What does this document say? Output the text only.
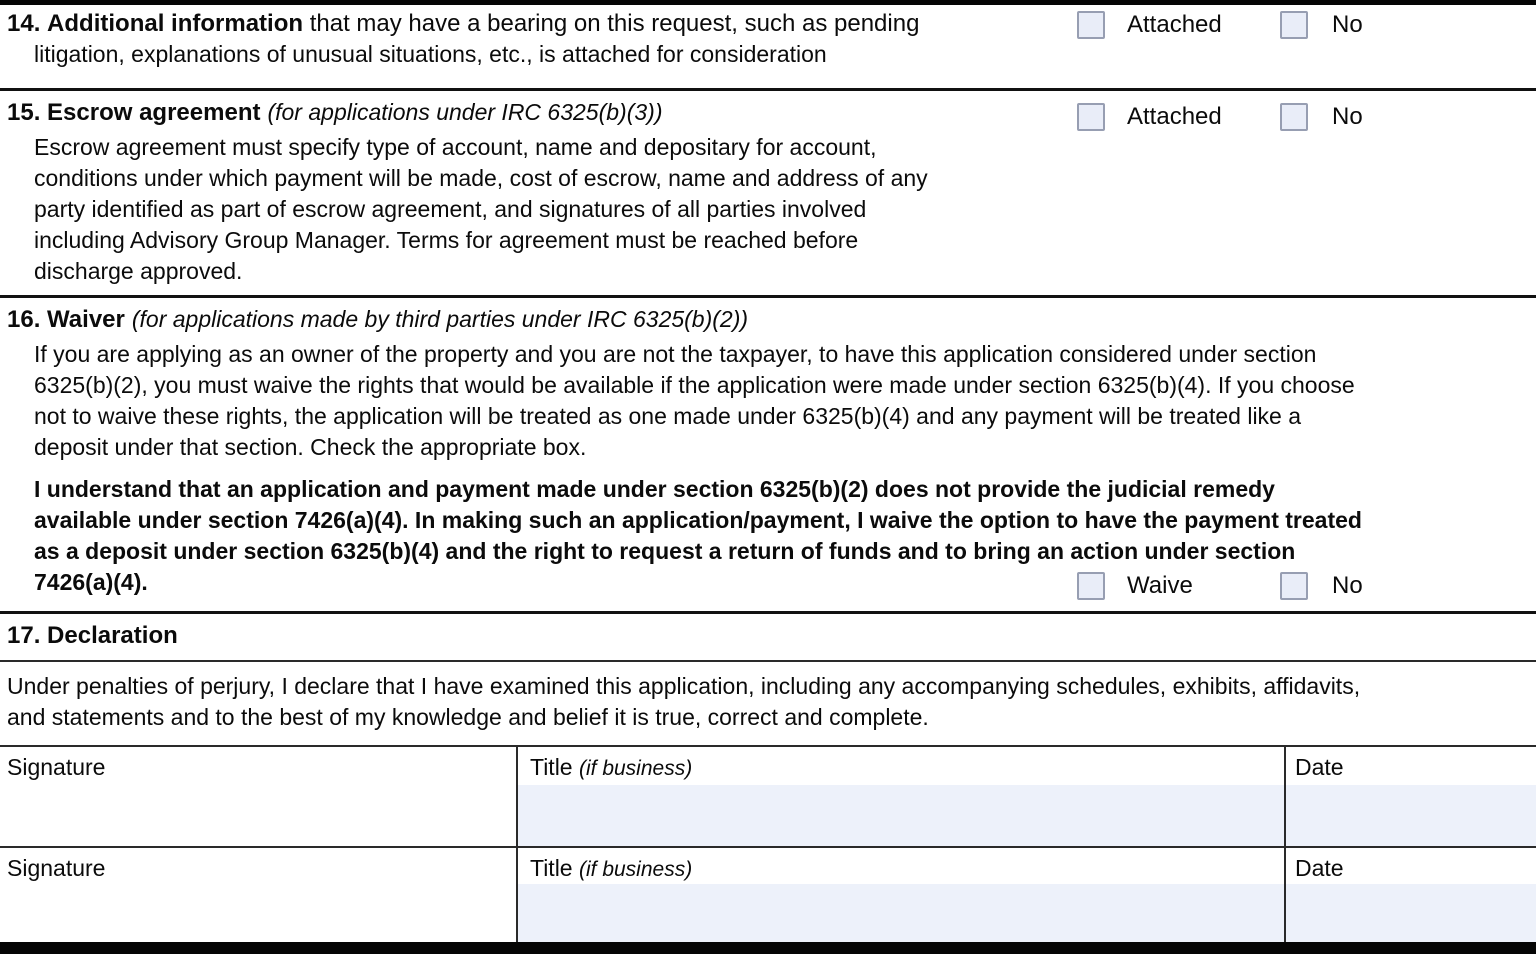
14. Additional information that may have a bearing on this request, such as pending
litigation, explanations of unusual situations, etc., is attached for consideration
Attached	No
15. Escrow agreement (for applications under IRC 6325(b)(3))
Escrow agreement must specify type of account, name and depositary for account,
conditions under which payment will be made, cost of escrow, name and address of any
party identified as part of escrow agreement, and signatures of all parties involved
including Advisory Group Manager. Terms for agreement must be reached before
discharge approved.
Attached	No
16. Waiver (for applications made by third parties under IRC 6325(b)(2))
If you are applying as an owner of the property and you are not the taxpayer, to have this application considered under section
6325(b)(2), you must waive the rights that would be available if the application were made under section 6325(b)(4). If you choose
not to waive these rights, the application will be treated as one made under 6325(b)(4) and any payment will be treated like a
deposit under that section. Check the appropriate box.
I understand that an application and payment made under section 6325(b)(2) does not provide the judicial remedy
available under section 7426(a)(4). In making such an application/payment, I waive the option to have the payment treated
as a deposit under section 6325(b)(4) and the right to request a return of funds and to bring an action under section
7426(a)(4).	Waive	No
17. Declaration
Under penalties of perjury, I declare that I have examined this application, including any accompanying schedules, exhibits, affidavits,
and statements and to the best of my knowledge and belief it is true, correct and complete.
Signature	Title (if business)	Date
Signature	Title (if business)	Date
